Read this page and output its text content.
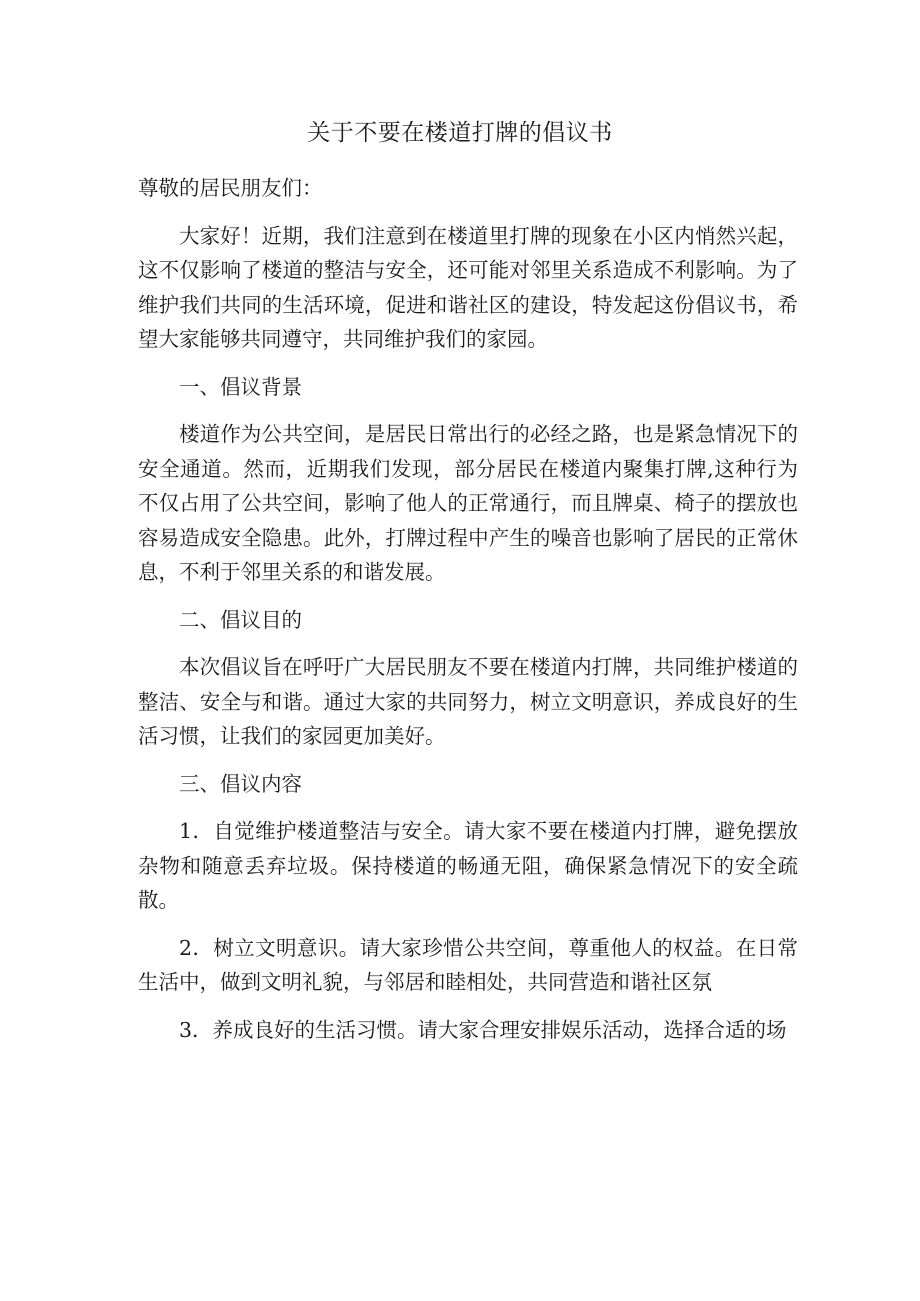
关于不要在楼道打牌的倡议书

尊敬的居民朋友们：

大家好！近期，我们注意到在楼道里打牌的现象在小区内悄然兴起，这不仅影响了楼道的整洁与安全，还可能对邻里关系造成不利影响。为了维护我们共同的生活环境，促进和谐社区的建设，特发起这份倡议书，希望大家能够共同遵守，共同维护我们的家园。

一、倡议背景

楼道作为公共空间，是居民日常出行的必经之路，也是紧急情况下的安全通道。然而，近期我们发现，部分居民在楼道内聚集打牌,这种行为不仅占用了公共空间，影响了他人的正常通行，而且牌桌、椅子的摆放也容易造成安全隐患。此外，打牌过程中产生的噪音也影响了居民的正常休息，不利于邻里关系的和谐发展。

二、倡议目的

本次倡议旨在呼吁广大居民朋友不要在楼道内打牌，共同维护楼道的整洁、安全与和谐。通过大家的共同努力，树立文明意识，养成良好的生活习惯，让我们的家园更加美好。

三、倡议内容

1．自觉维护楼道整洁与安全。请大家不要在楼道内打牌，避免摆放杂物和随意丢弃垃圾。保持楼道的畅通无阻，确保紧急情况下的安全疏散。

2．树立文明意识。请大家珍惜公共空间，尊重他人的权益。在日常生活中，做到文明礼貌，与邻居和睦相处，共同营造和谐社区氛

3．养成良好的生活习惯。请大家合理安排娱乐活动，选择合适的场
